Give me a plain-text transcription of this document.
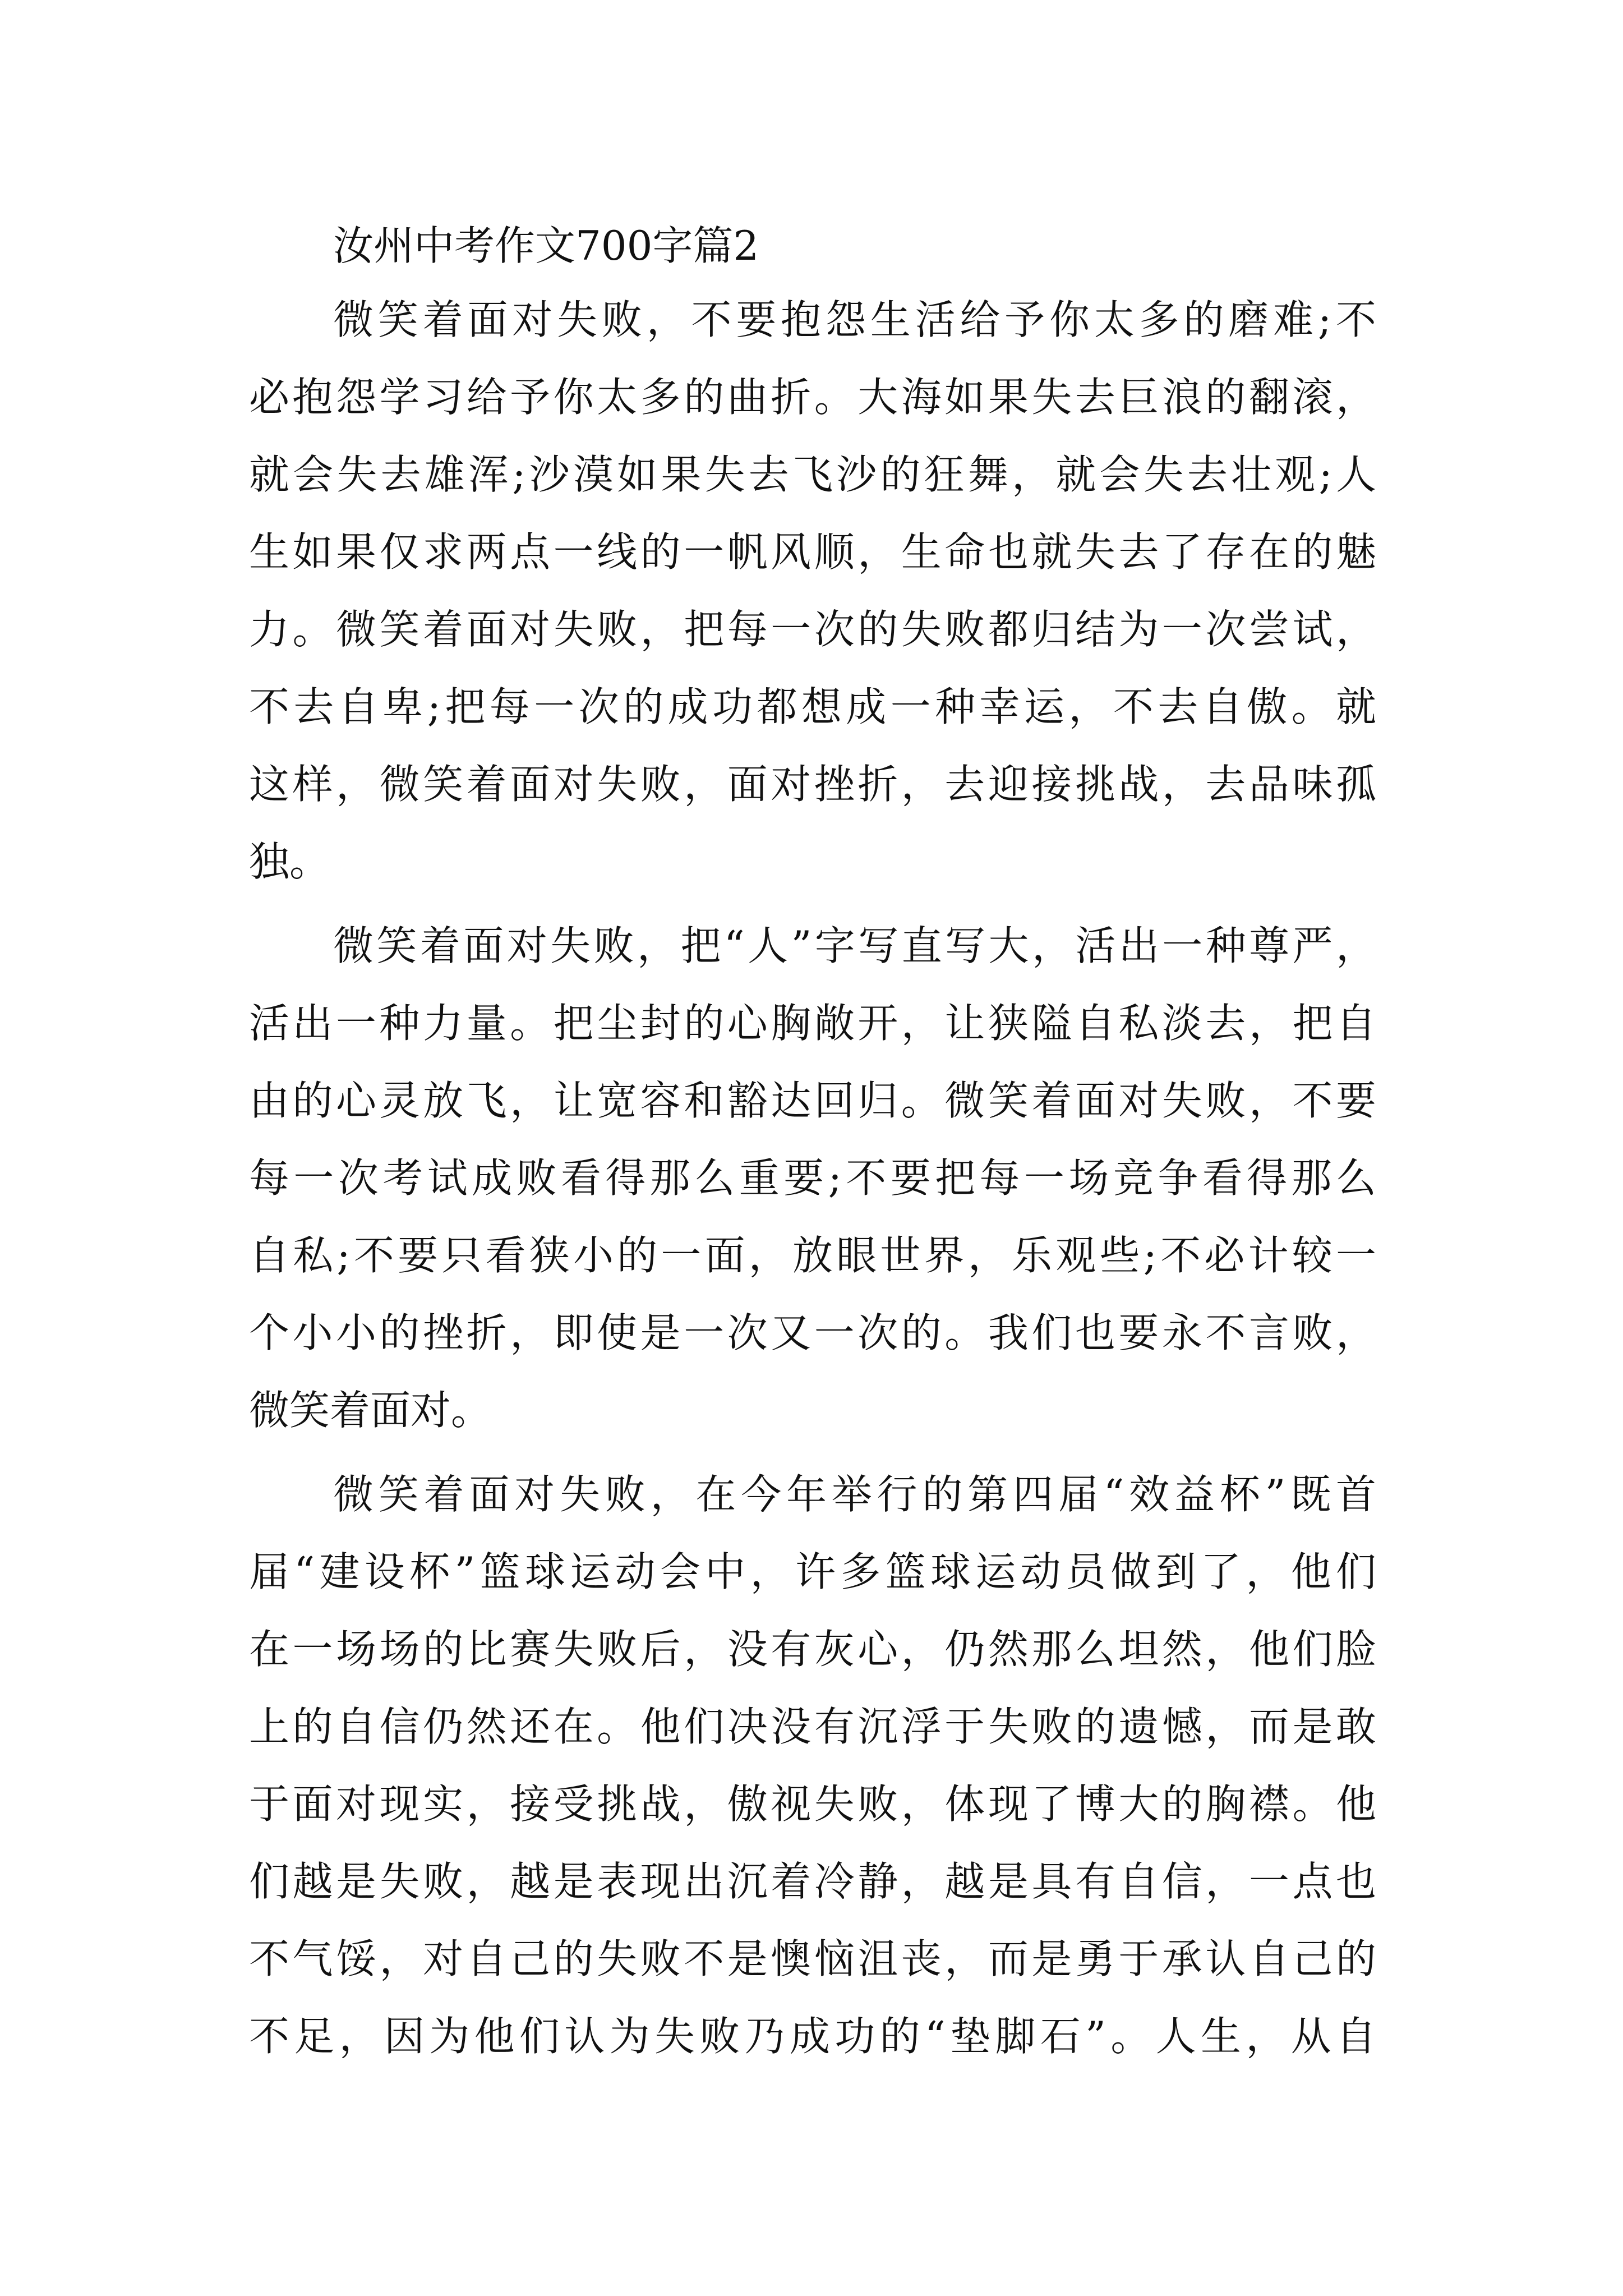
汝州中考作文700字篇2
微笑着面对失败，不要抱怨生活给予你太多的磨难;不
必抱怨学习给予你太多的曲折。大海如果失去巨浪的翻滚，
就会失去雄浑;沙漠如果失去飞沙的狂舞，就会失去壮观;人
生如果仅求两点一线的一帆风顺，生命也就失去了存在的魅
力。微笑着面对失败，把每一次的失败都归结为一次尝试，
不去自卑;把每一次的成功都想成一种幸运，不去自傲。就
这样，微笑着面对失败，面对挫折，去迎接挑战，去品味孤
独。
微笑着面对失败，把“人”字写直写大，活出一种尊严，
活出一种力量。把尘封的心胸敞开，让狭隘自私淡去，把自
由的心灵放飞，让宽容和豁达回归。微笑着面对失败，不要
每一次考试成败看得那么重要;不要把每一场竞争看得那么
自私;不要只看狭小的一面，放眼世界，乐观些;不必计较一
个小小的挫折，即使是一次又一次的。我们也要永不言败，
微笑着面对。
微笑着面对失败，在今年举行的第四届“效益杯”既首
届“建设杯”篮球运动会中，许多篮球运动员做到了，他们
在一场场的比赛失败后，没有灰心，仍然那么坦然，他们脸
上的自信仍然还在。他们决没有沉浮于失败的遗憾，而是敢
于面对现实，接受挑战，傲视失败，体现了博大的胸襟。他
们越是失败，越是表现出沉着冷静，越是具有自信，一点也
不气馁，对自己的失败不是懊恼沮丧，而是勇于承认自己的
不足，因为他们认为失败乃成功的“垫脚石”。人生，从自
